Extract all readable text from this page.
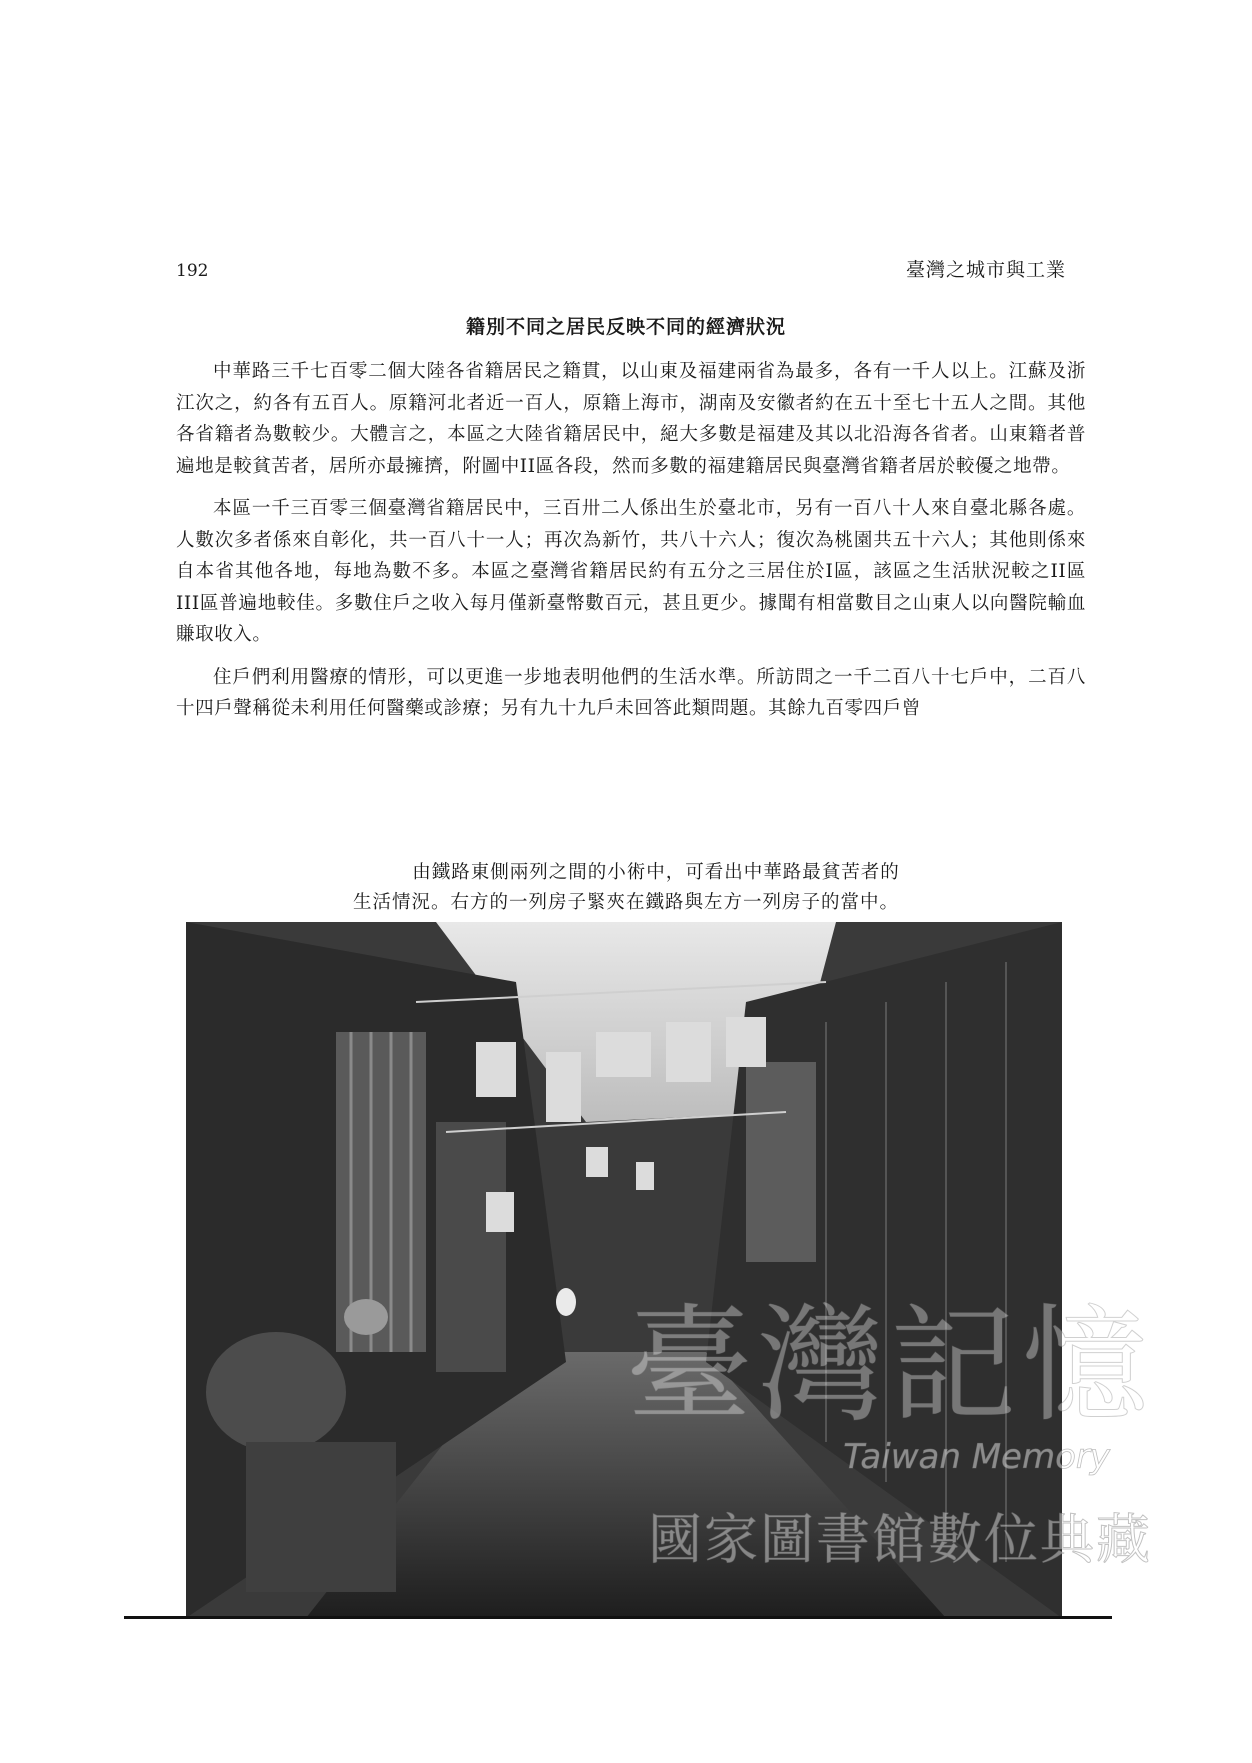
192	臺灣之城市與工業
籍別不同之居民反映不同的經濟狀況

中華路三千七百零二個大陸各省籍居民之籍貫，以山東及福建兩省為最多，各有一千人以上。江蘇及浙江次之，約各有五百人。原籍河北者近一百人，原籍上海市，湖南及安徽者約在五十至七十五人之間。其他各省籍者為數較少。大體言之，本區之大陸省籍居民中，絕大多數是福建及其以北沿海各省者。山東籍者普遍地是較貧苦者，居所亦最擁擠，附圖中II區各段，然而多數的福建籍居民與臺灣省籍者居於較優之地帶。

本區一千三百零三個臺灣省籍居民中，三百卅二人係出生於臺北市，另有一百八十人來自臺北縣各處。人數次多者係來自彰化，共一百八十一人；再次為新竹，共八十六人；復次為桃園共五十六人；其他則係來自本省其他各地，每地為數不多。本區之臺灣省籍居民約有五分之三居住於I區，該區之生活狀況較之II區 III區普遍地較佳。多數住戶之收入每月僅新臺幣數百元，甚且更少。據聞有相當數目之山東人以向醫院輸血賺取收入。

住戶們利用醫療的情形，可以更進一步地表明他們的生活水準。所訪問之一千二百八十七戶中，二百八十四戶聲稱從未利用任何醫藥或診療；另有九十九戶未回答此類問題。其餘九百零四戶曾

由鐵路東側兩列之間的小術中，可看出中華路最貧苦者的
生活情況。右方的一列房子緊夾在鐵路與左方一列房子的當中。
臺灣記憶
Taiwan Memory
國家圖書館數位典藏
